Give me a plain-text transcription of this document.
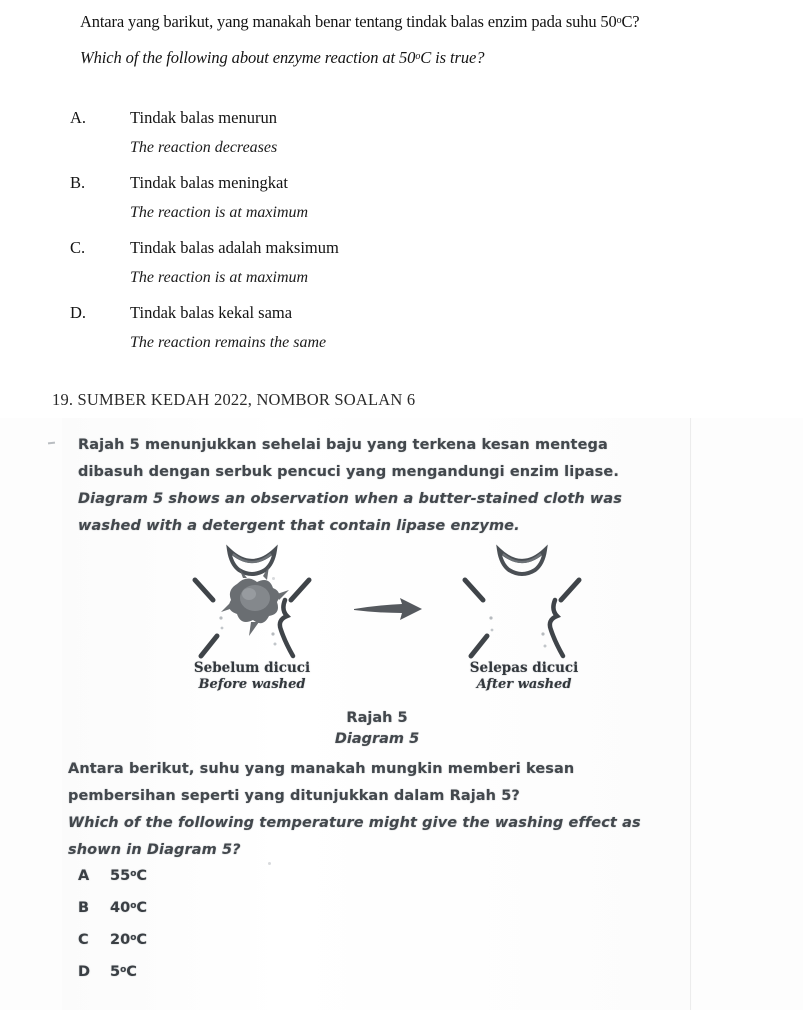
Antara yang barikut, yang manakah benar tentang tindak balas enzim pada suhu 50$^o$C?
Which of the following about enzyme reaction at 50$^o$C is true?
A.	Tindak balas menurun
The reaction decreases
B.	Tindak balas meningkat
The reaction is at maximum
C.	Tindak balas adalah maksimum
The reaction is at maximum
D.	Tindak balas kekal sama
The reaction remains the same
19. SUMBER KEDAH 2022, NOMBOR SOALAN 6
Rajah 5 menunjukkan sehelai baju yang terkena kesan mentega dibasuh dengan serbuk pencuci yang mengandungi enzim lipase.
Diagram 5 shows an observation when a butter-stained cloth was washed with a detergent that contain lipase enzyme.
Sebelum dicuci
Before washed
Selepas dicuci
After washed
Rajah 5
Diagram 5
Antara berikut, suhu yang manakah mungkin memberi kesan pembersihan seperti yang ditunjukkan dalam Rajah 5?
Which of the following temperature might give the washing effect as shown in Diagram 5?
A 55$^o$C
B 40$^o$C
C 20$^o$C
D 5$^o$C
